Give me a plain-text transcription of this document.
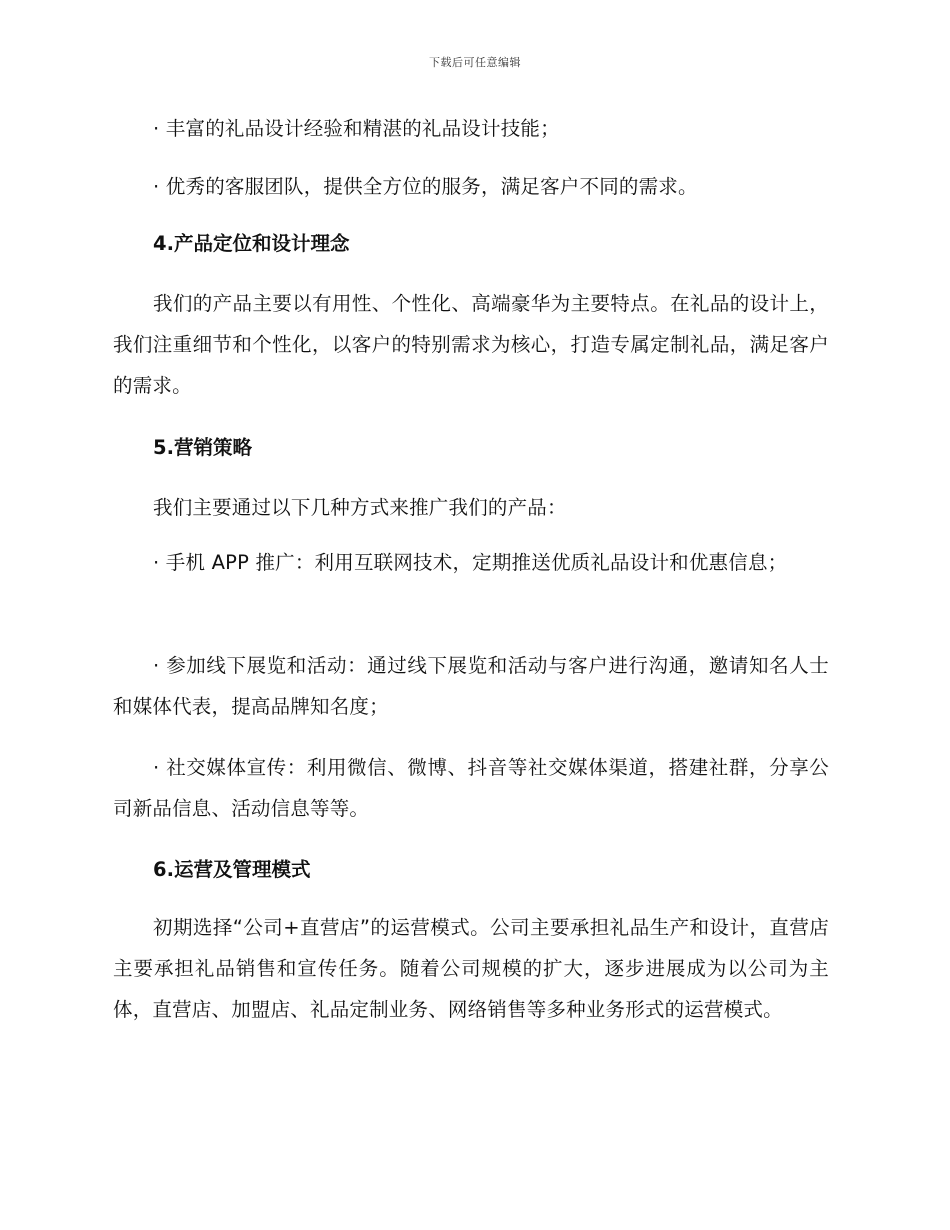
下载后可任意编辑

· 丰富的礼品设计经验和精湛的礼品设计技能；

· 优秀的客服团队，提供全方位的服务，满足客户不同的需求。

4.产品定位和设计理念

我们的产品主要以有用性、个性化、高端豪华为主要特点。在礼品的设计上，我们注重细节和个性化，以客户的特别需求为核心，打造专属定制礼品，满足客户的需求。

5.营销策略

我们主要通过以下几种方式来推广我们的产品：

· 手机 APP 推广：利用互联网技术，定期推送优质礼品设计和优惠信息；

· 参加线下展览和活动：通过线下展览和活动与客户进行沟通，邀请知名人士和媒体代表，提高品牌知名度；

· 社交媒体宣传：利用微信、微博、抖音等社交媒体渠道，搭建社群，分享公司新品信息、活动信息等等。

6.运营及管理模式

初期选择“公司+直营店”的运营模式。公司主要承担礼品生产和设计，直营店主要承担礼品销售和宣传任务。随着公司规模的扩大，逐步进展成为以公司为主体，直营店、加盟店、礼品定制业务、网络销售等多种业务形式的运营模式。
